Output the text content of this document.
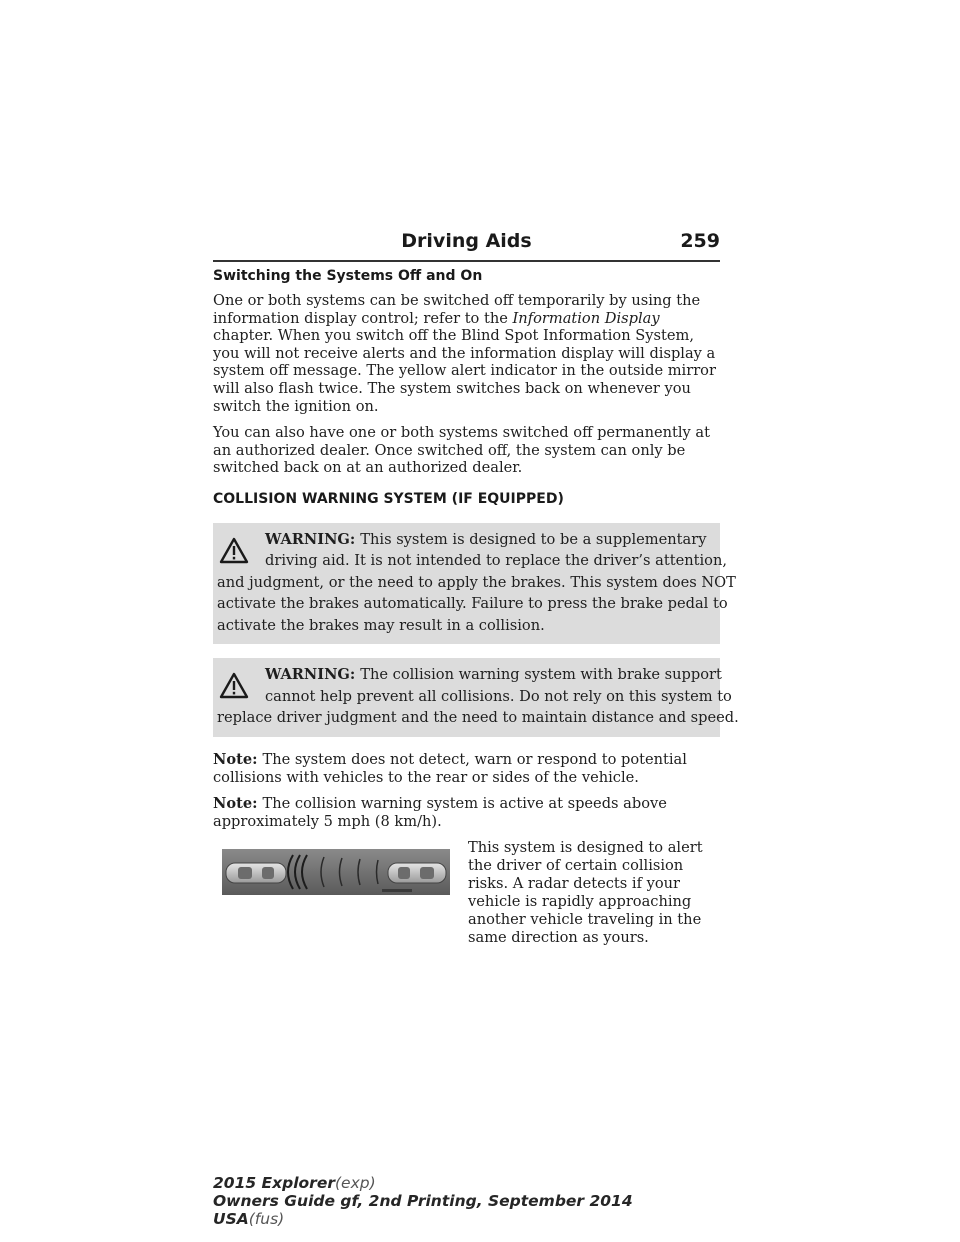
Driving Aids	259
Switching the Systems Off and On

One or both systems can be switched off temporarily by using the information display control; refer to the Information Display chapter. When you switch off the Blind Spot Information System, you will not receive alerts and the information display will display a system off message. The yellow alert indicator in the outside mirror will also flash twice. The system switches back on whenever you switch the ignition on.

You can also have one or both systems switched off permanently at an authorized dealer. Once switched off, the system can only be switched back on at an authorized dealer.

COLLISION WARNING SYSTEM (IF EQUIPPED)
WARNING: This system is designed to be a supplementary
driving aid. It is not intended to replace the driver’s attention,
and judgment, or the need to apply the brakes. This system does NOT
activate the brakes automatically. Failure to press the brake pedal to
activate the brakes may result in a collision.
WARNING: The collision warning system with brake support
cannot help prevent all collisions. Do not rely on this system to
replace driver judgment and the need to maintain distance and speed.

Note: The system does not detect, warn or respond to potential collisions with vehicles to the rear or sides of the vehicle.

Note: The collision warning system is active at speeds above approximately 5 mph (8 km/h).

This system is designed to alert the driver of certain collision risks. A radar detects if your vehicle is rapidly approaching another vehicle traveling in the same direction as yours.

2015 Explorer(exp)
Owners Guide gf, 2nd Printing, September 2014
USA(fus)
